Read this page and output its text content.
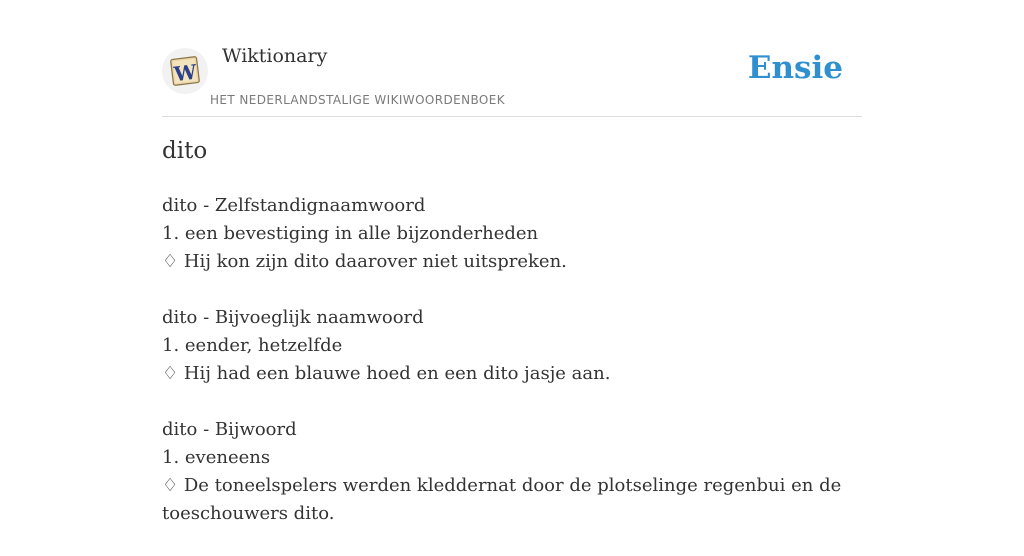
W
Wiktionary
HET NEDERLANDSTALIGE WIKIWOORDENBOEK
Ensie
dito
dito - Zelfstandignaamwoord
1. een bevestiging in alle bijzonderheden
♢ Hij kon zijn dito daarover niet uitspreken.
dito - Bijvoeglijk naamwoord
1. eender, hetzelfde
♢ Hij had een blauwe hoed en een dito jasje aan.
dito - Bijwoord
1. eveneens
♢ De toneelspelers werden kleddernat door de plotselinge regenbui en de toeschouwers dito.
